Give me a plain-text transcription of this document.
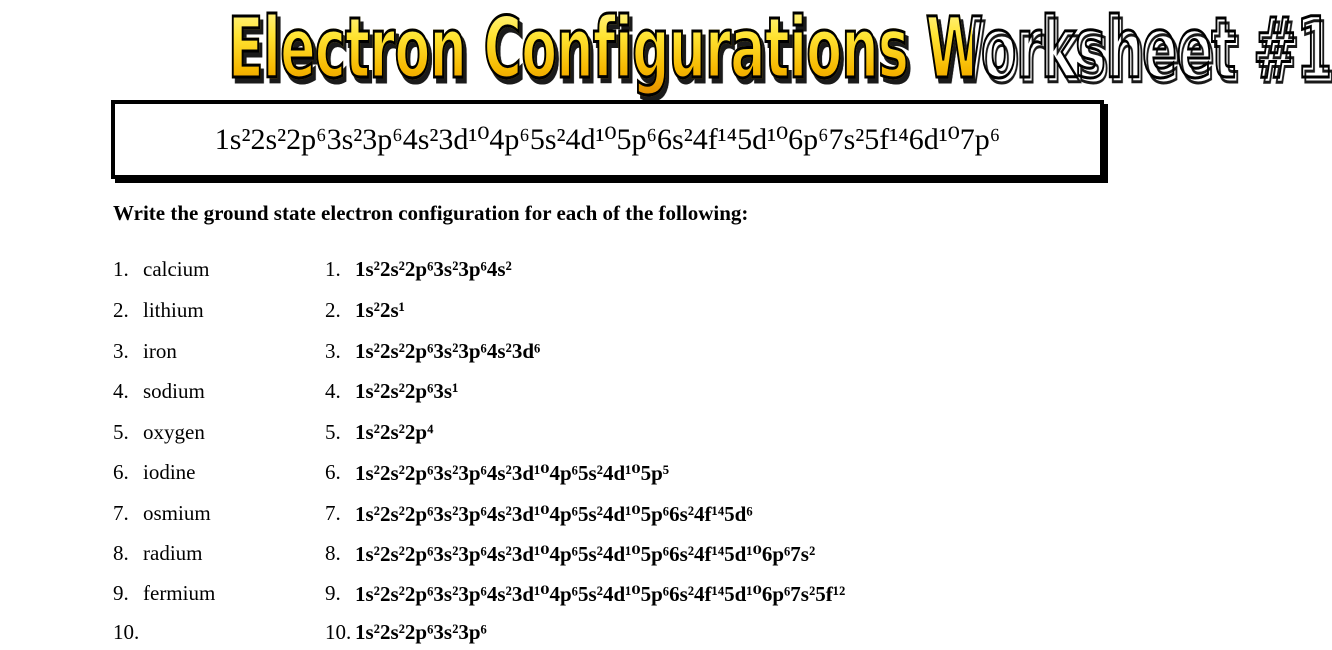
Electron Configurations Worksheet #1
1s²2s²2p⁶3s²3p⁶4s²3d¹⁰4p⁶5s²4d¹⁰5p⁶6s²4f¹⁴5d¹⁰6p⁶7s²5f¹⁴6d¹⁰7p⁶
Write the ground state electron configuration for each of the following:
1. calcium	1. 1s²2s²2p⁶3s²3p⁶4s²
2. lithium	2. 1s²2s¹
3. iron	3. 1s²2s²2p⁶3s²3p⁶4s²3d⁶
4. sodium	4. 1s²2s²2p⁶3s¹
5. oxygen	5. 1s²2s²2p⁴
6. iodine	6. 1s²2s²2p⁶3s²3p⁶4s²3d¹⁰4p⁶5s²4d¹⁰5p⁵
7. osmium	7. 1s²2s²2p⁶3s²3p⁶4s²3d¹⁰4p⁶5s²4d¹⁰5p⁶6s²4f¹⁴5d⁶
8. radium	8. 1s²2s²2p⁶3s²3p⁶4s²3d¹⁰4p⁶5s²4d¹⁰5p⁶6s²4f¹⁴5d¹⁰6p⁶7s²
9. fermium	9. 1s²2s²2p⁶3s²3p⁶4s²3d¹⁰4p⁶5s²4d¹⁰5p⁶6s²4f¹⁴5d¹⁰6p⁶7s²5f¹²
10.	10. 1s²2s²2p⁶3s²3p⁶
